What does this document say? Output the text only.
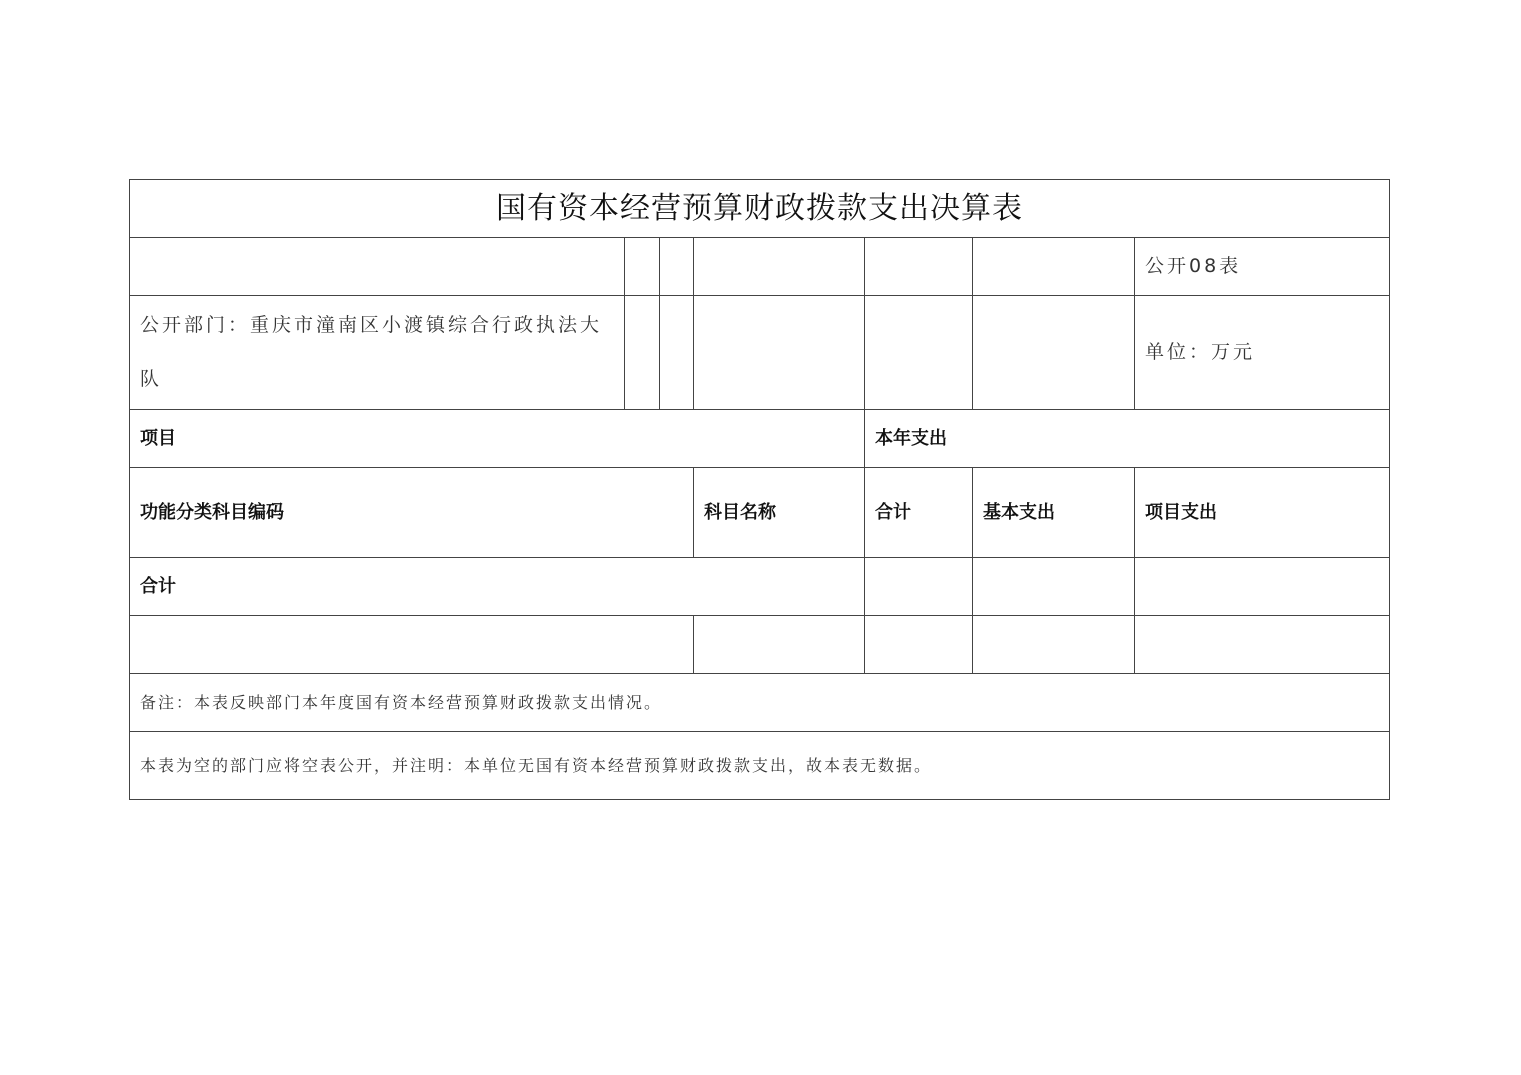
国有资本经营预算财政拨款支出决算表						
						公开08表
公开部门：重庆市潼南区小渡镇综合行政执法大队						单位：万元
项目				本年支出		
功能分类科目编码			科目名称	合计	基本支出	项目支出
合计						

备注：本表反映部门本年度国有资本经营预算财政拨款支出情况。						
本表为空的部门应将空表公开，并注明：本单位无国有资本经营预算财政拨款支出，故本表无数据。						
